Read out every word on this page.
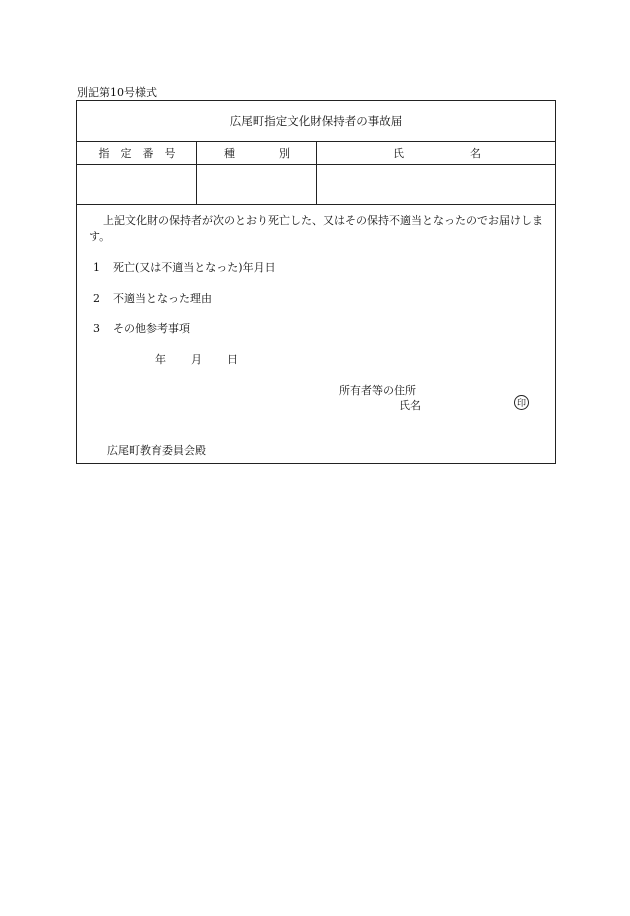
別記第10号様式
広尾町指定文化財保持者の事故届
指　定　番　号	種　　　　別	氏　　　　　　名
上記文化財の保持者が次のとおり死亡した、又はその保持不適当となったのでお届けします。
1 死亡(又は不適当となった)年月日
2 不適当となった理由
3 その他参考事項
年 月 日
所有者等の住所
氏名	印
広尾町教育委員会殿
